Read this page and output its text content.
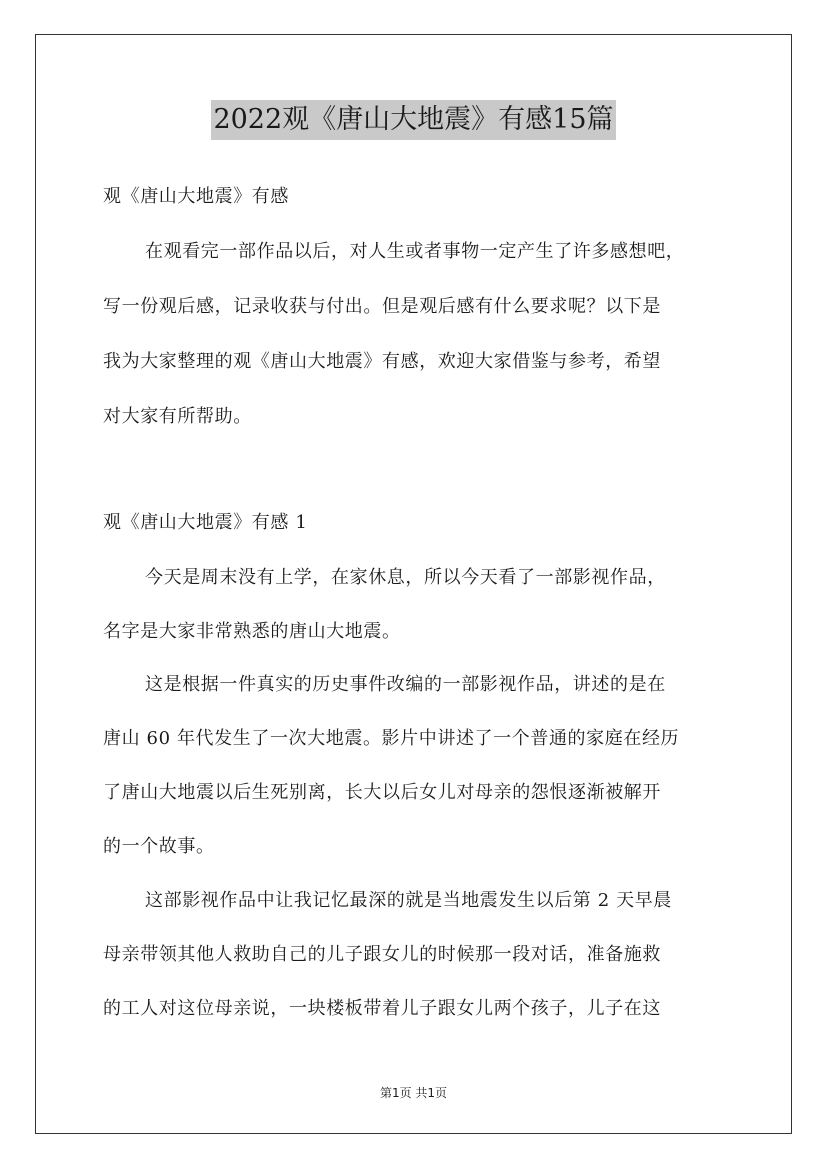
2022观《唐山大地震》有感15篇
观《唐山大地震》有感
在观看完一部作品以后，对人生或者事物一定产生了许多感想吧，
写一份观后感，记录收获与付出。但是观后感有什么要求呢？以下是
我为大家整理的观《唐山大地震》有感，欢迎大家借鉴与参考，希望
对大家有所帮助。
观《唐山大地震》有感 1
今天是周末没有上学，在家休息，所以今天看了一部影视作品，
名字是大家非常熟悉的唐山大地震。
这是根据一件真实的历史事件改编的一部影视作品，讲述的是在
唐山 60 年代发生了一次大地震。影片中讲述了一个普通的家庭在经历
了唐山大地震以后生死别离，长大以后女儿对母亲的怨恨逐渐被解开
的一个故事。
这部影视作品中让我记忆最深的就是当地震发生以后第 2 天早晨
母亲带领其他人救助自己的儿子跟女儿的时候那一段对话，准备施救
的工人对这位母亲说，一块楼板带着儿子跟女儿两个孩子，儿子在这
第1页 共1页
